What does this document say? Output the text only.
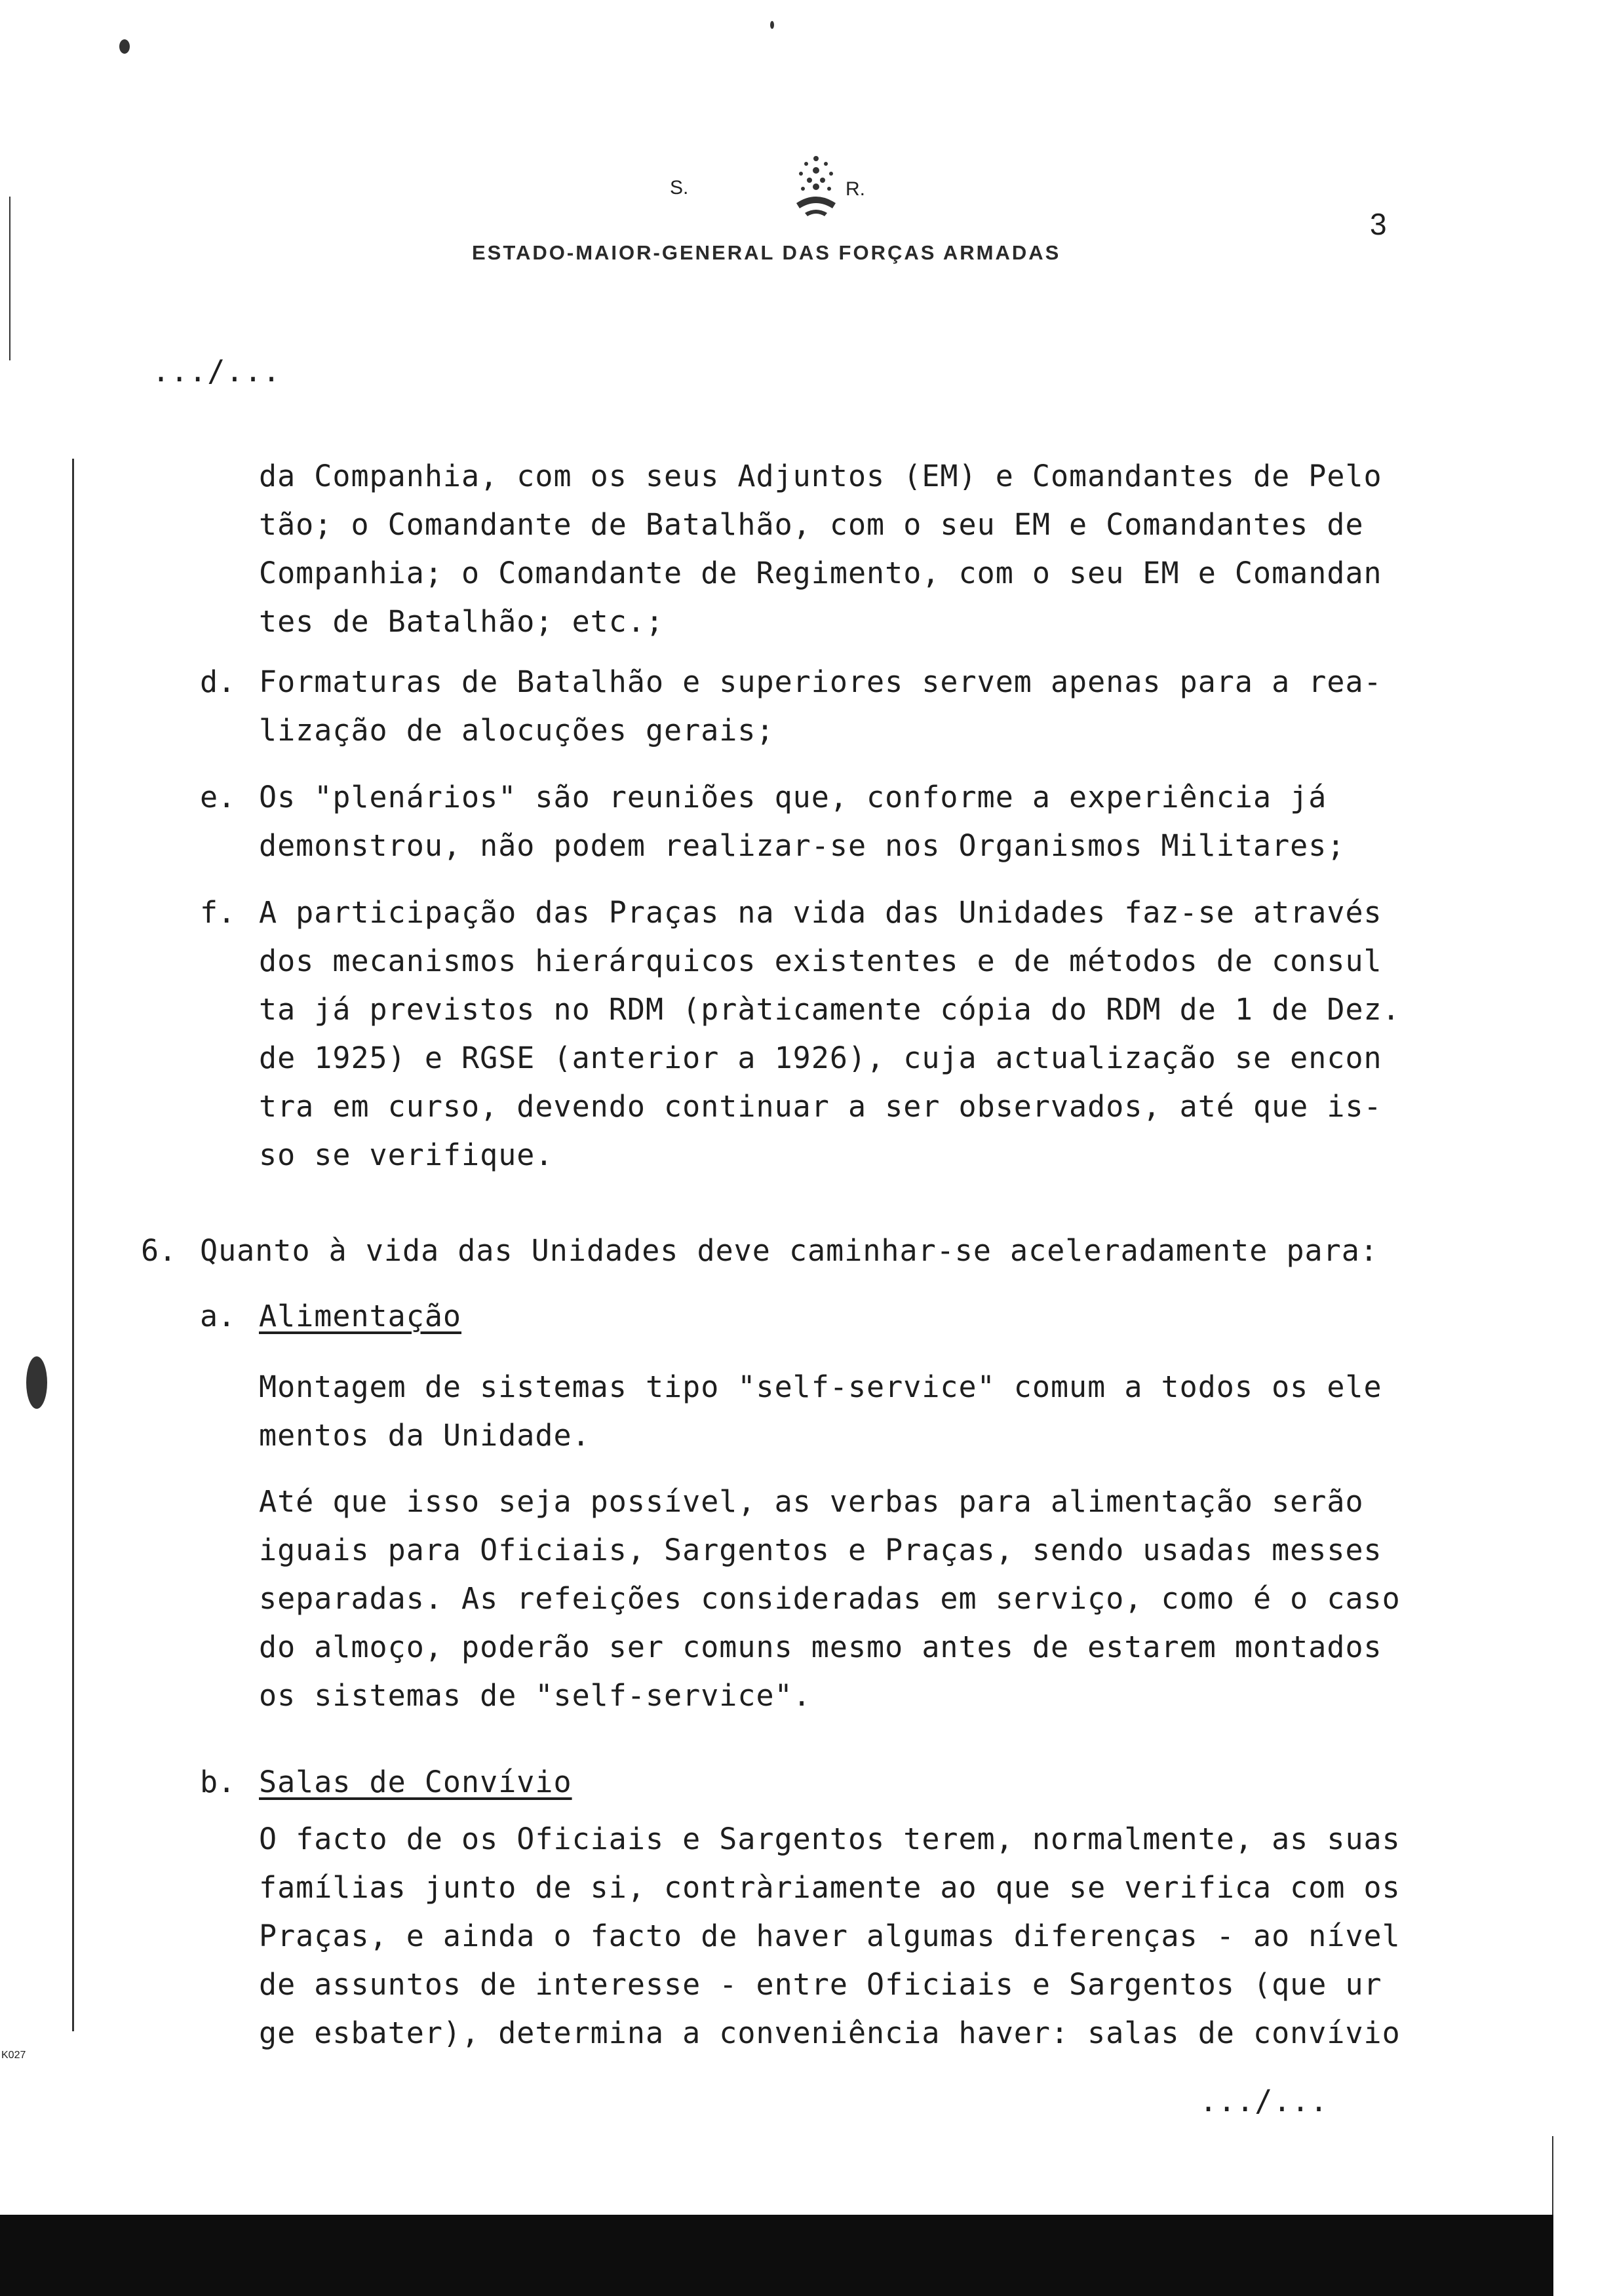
S.	R.
ESTADO-MAIOR-GENERAL DAS FORÇAS ARMADAS
3
.../...
da Companhia, com os seus Adjuntos (EM) e Comandantes de Pelo
tão; o Comandante de Batalhão, com o seu EM e Comandantes de
Companhia; o Comandante de Regimento, com o seu EM e Comandan
tes de Batalhão; etc.;
d. Formaturas de Batalhão e superiores servem apenas para a rea-
lização de alocuções gerais;
e. Os "plenários" são reuniões que, conforme a experiência já
demonstrou, não podem realizar-se nos Organismos Militares;
f. A participação das Praças na vida das Unidades faz-se através
dos mecanismos hierárquicos existentes e de métodos de consul
ta já previstos no RDM (pràticamente cópia do RDM de 1 de Dez.
de 1925) e RGSE (anterior a 1926), cuja actualização se encon
tra em curso, devendo continuar a ser observados, até que is-
so se verifique.
6. Quanto à vida das Unidades deve caminhar-se aceleradamente para:
a. Alimentação
Montagem de sistemas tipo "self-service" comum a todos os ele
mentos da Unidade.
Até que isso seja possível, as verbas para alimentação serão
iguais para Oficiais, Sargentos e Praças, sendo usadas messes
separadas. As refeições consideradas em serviço, como é o caso
do almoço, poderão ser comuns mesmo antes de estarem montados
os sistemas de "self-service".
b. Salas de Convívio
O facto de os Oficiais e Sargentos terem, normalmente, as suas
famílias junto de si, contràriamente ao que se verifica com os
Praças, e ainda o facto de haver algumas diferenças - ao nível
de assuntos de interesse - entre Oficiais e Sargentos (que ur
ge esbater), determina a conveniência haver: salas de convívio
.../...
K027
